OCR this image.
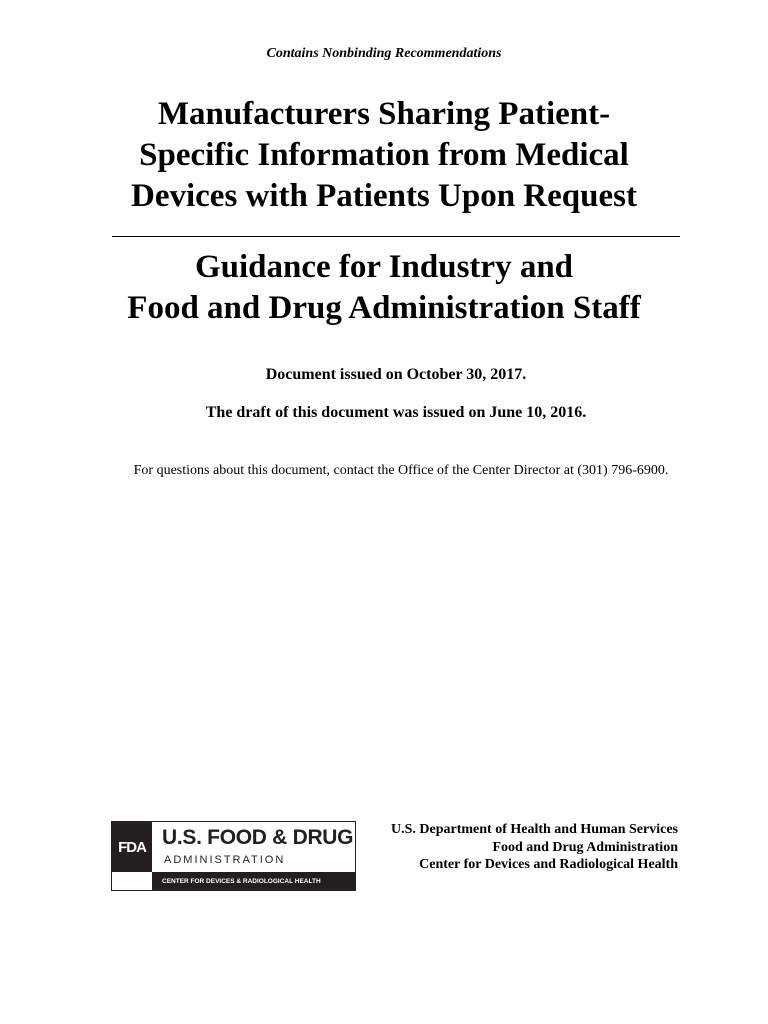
Contains Nonbinding Recommendations
Manufacturers Sharing Patient-
Specific Information from Medical
Devices with Patients Upon Request
Guidance for Industry and
Food and Drug Administration Staff
Document issued on October 30, 2017.
The draft of this document was issued on June 10, 2016.
For questions about this document, contact the Office of the Center Director at (301) 796-6900.
FDA U.S. FOOD & DRUG
ADMINISTRATION
CENTER FOR DEVICES & RADIOLOGICAL HEALTH
U.S. Department of Health and Human Services
Food and Drug Administration
Center for Devices and Radiological Health
